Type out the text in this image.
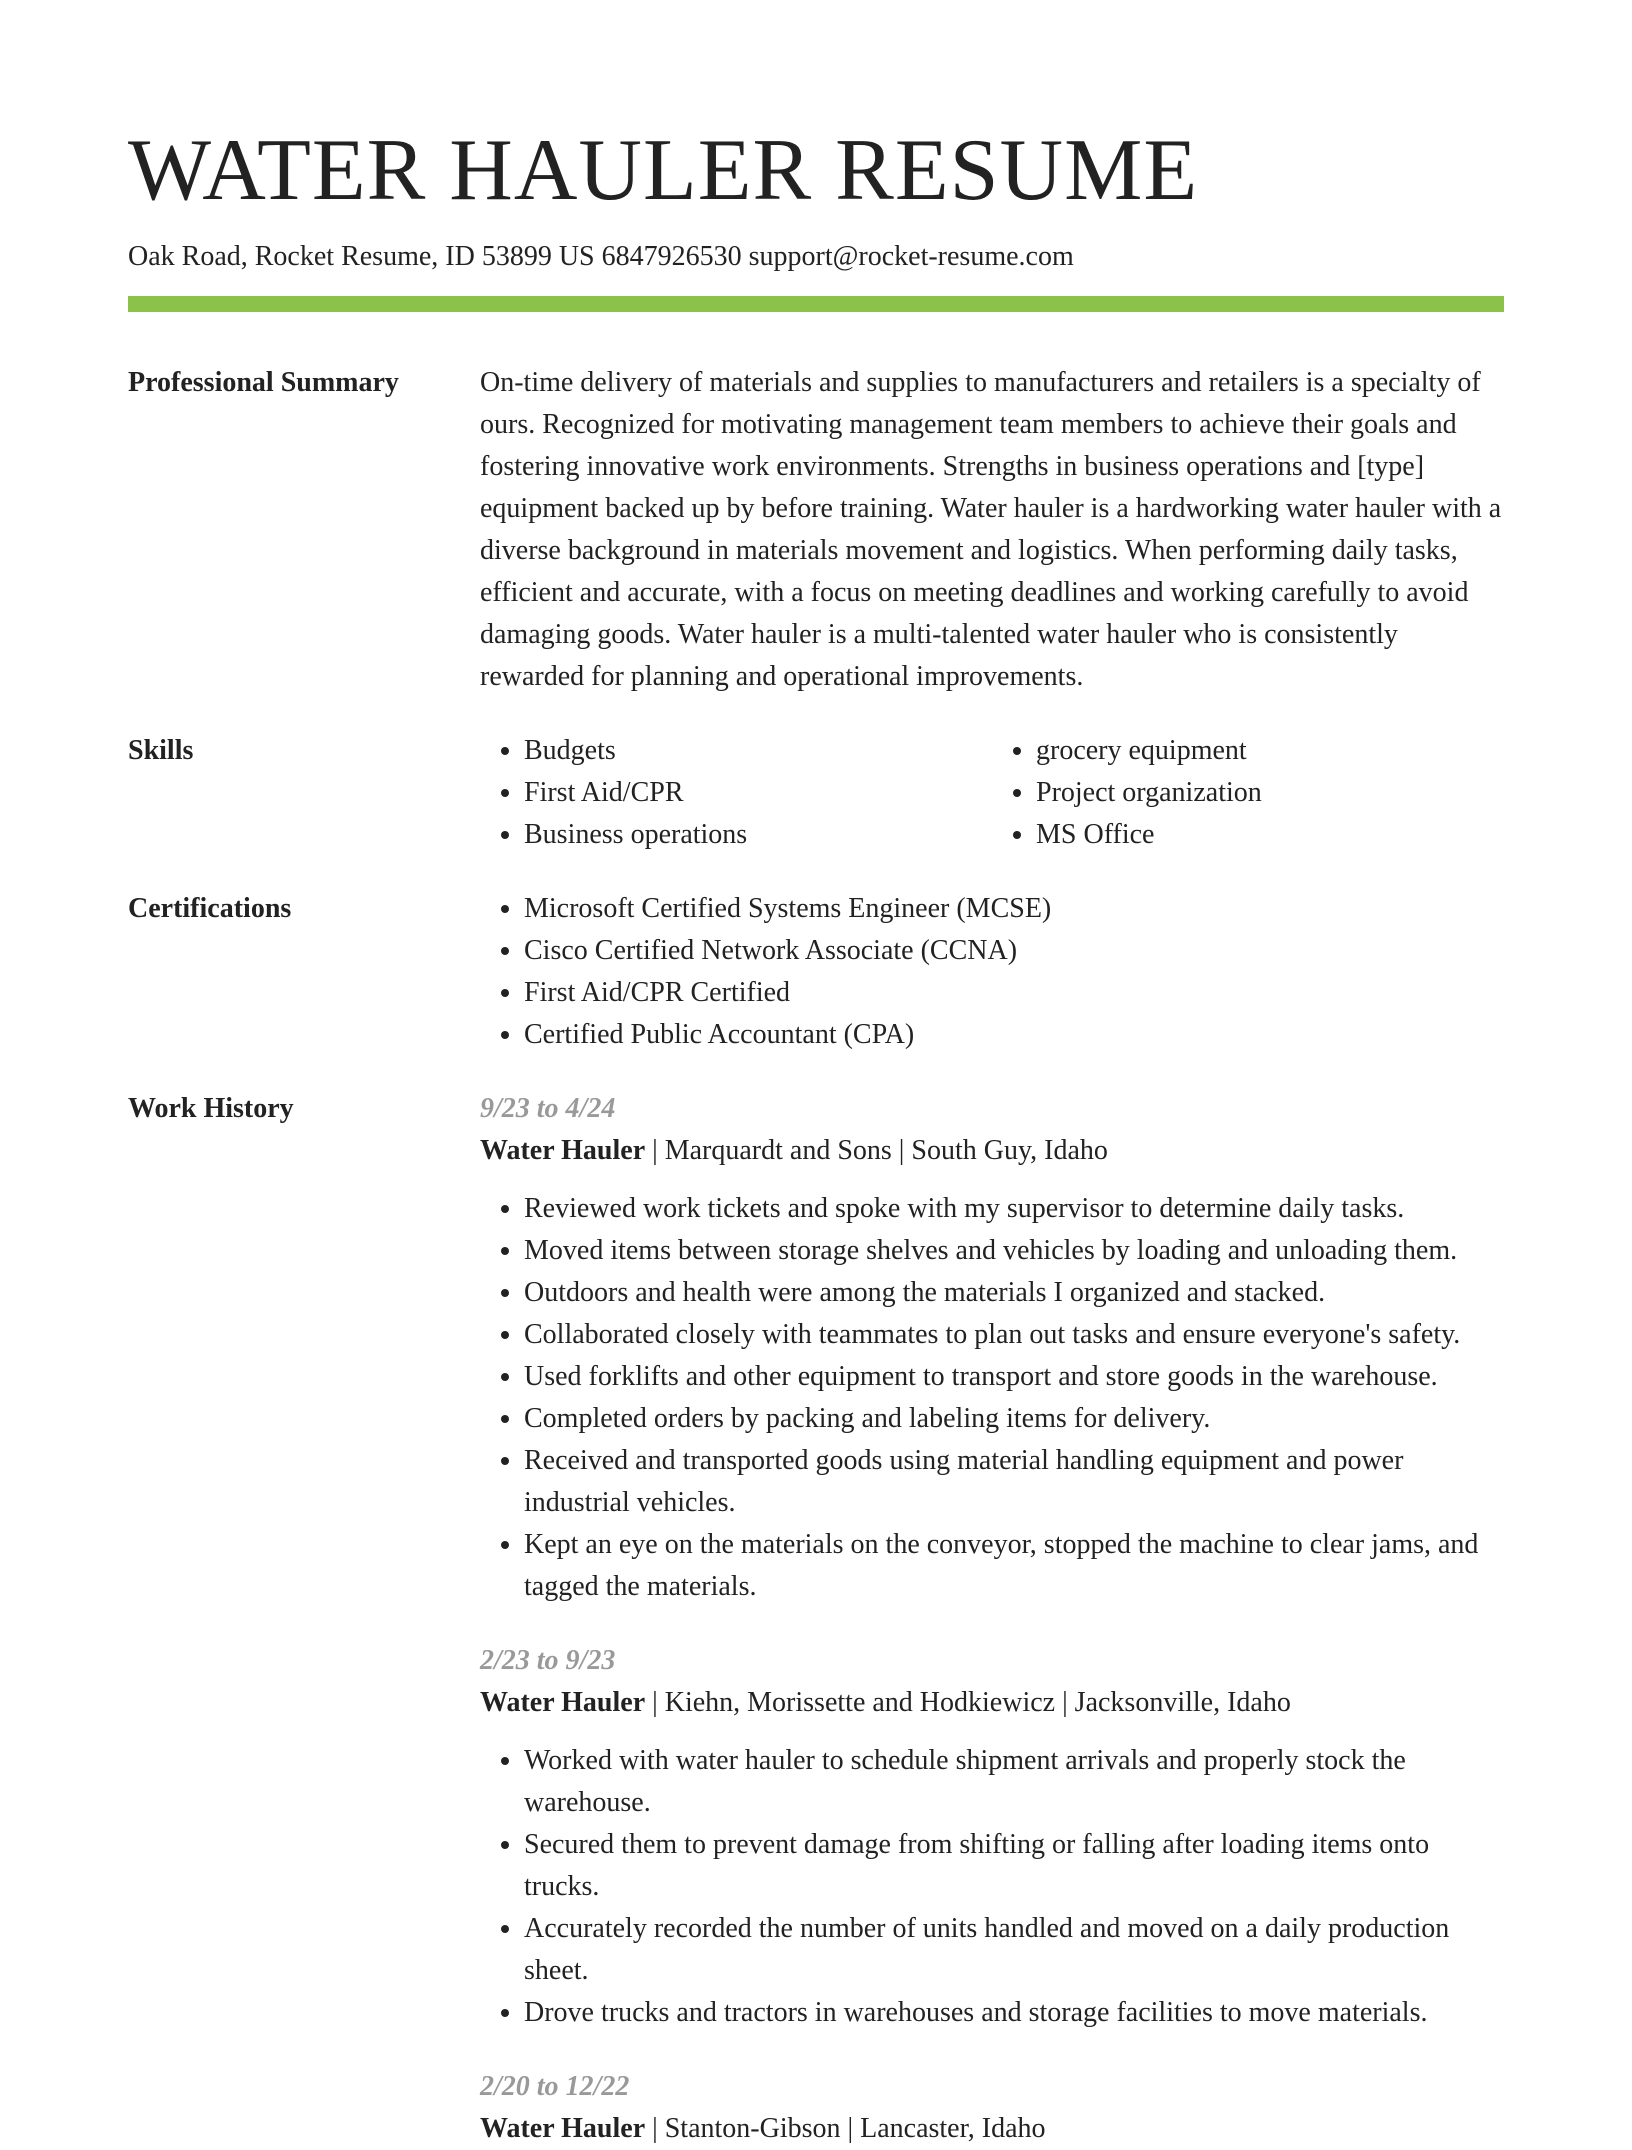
WATER HAULER RESUME
Oak Road, Rocket Resume, ID 53899 US 6847926530 support@rocket-resume.com
Professional Summary	On-time delivery of materials and supplies to manufacturers and retailers is a specialty of ours. Recognized for motivating management team members to achieve their goals and fostering innovative work environments. Strengths in business operations and [type] equipment backed up by before training. Water hauler is a hardworking water hauler with a diverse background in materials movement and logistics. When performing daily tasks, efficient and accurate, with a focus on meeting deadlines and working carefully to avoid damaging goods. Water hauler is a multi-talented water hauler who is consistently rewarded for planning and operational improvements.

Skills	• Budgets
• First Aid/CPR
• Business operations
• grocery equipment
• Project organization
• MS Office
Certifications	• Microsoft Certified Systems Engineer (MCSE)
• Cisco Certified Network Associate (CCNA)
• First Aid/CPR Certified
• Certified Public Accountant (CPA)
Work History	9/23 to 4/24
Water Hauler | Marquardt and Sons | South Guy, Idaho
• Reviewed work tickets and spoke with my supervisor to determine daily tasks.
• Moved items between storage shelves and vehicles by loading and unloading them.
• Outdoors and health were among the materials I organized and stacked.
• Collaborated closely with teammates to plan out tasks and ensure everyone's safety.
• Used forklifts and other equipment to transport and store goods in the warehouse.
• Completed orders by packing and labeling items for delivery.
• Received and transported goods using material handling equipment and power industrial vehicles.
• Kept an eye on the materials on the conveyor, stopped the machine to clear jams, and tagged the materials.
2/23 to 9/23
Water Hauler | Kiehn, Morissette and Hodkiewicz | Jacksonville, Idaho
• Worked with water hauler to schedule shipment arrivals and properly stock the warehouse.
• Secured them to prevent damage from shifting or falling after loading items onto trucks.
• Accurately recorded the number of units handled and moved on a daily production sheet.
• Drove trucks and tractors in warehouses and storage facilities to move materials.
2/20 to 12/22
Water Hauler | Stanton-Gibson | Lancaster, Idaho
